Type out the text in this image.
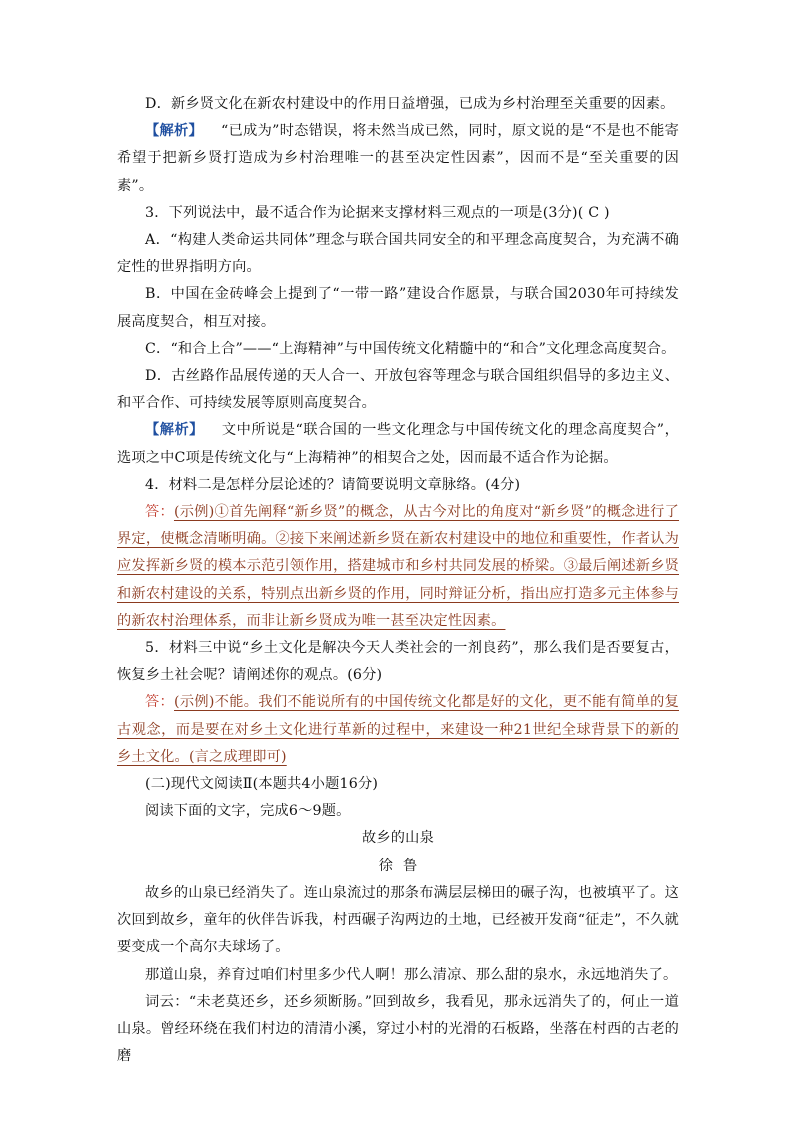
D．新乡贤文化在新农村建设中的作用日益增强，已成为乡村治理至关重要的因素。

【解析】 “已成为”时态错误，将未然当成已然，同时，原文说的是“不是也不能寄希望于把新乡贤打造成为乡村治理唯一的甚至决定性因素”，因而不是“至关重要的因素”。

3．下列说法中，最不适合作为论据来支撑材料三观点的一项是(3分)( C )

A．“构建人类命运共同体”理念与联合国共同安全的和平理念高度契合，为充满不确定性的世界指明方向。

B．中国在金砖峰会上提到了“一带一路”建设合作愿景，与联合国2030年可持续发展高度契合，相互对接。

C．“和合上合”——“上海精神”与中国传统文化精髓中的“和合”文化理念高度契合。

D．古丝路作品展传递的天人合一、开放包容等理念与联合国组织倡导的多边主义、和平合作、可持续发展等原则高度契合。

【解析】 文中所说是“联合国的一些文化理念与中国传统文化的理念高度契合”，选项之中C项是传统文化与“上海精神”的相契合之处，因而最不适合作为论据。

4．材料二是怎样分层论述的？请简要说明文章脉络。(4分)

答：(示例)①首先阐释“新乡贤”的概念，从古今对比的角度对“新乡贤”的概念进行了界定，使概念清晰明确。②接下来阐述新乡贤在新农村建设中的地位和重要性，作者认为应发挥新乡贤的模本示范引领作用，搭建城市和乡村共同发展的桥梁。③最后阐述新乡贤和新农村建设的关系，特别点出新乡贤的作用，同时辩证分析，指出应打造多元主体参与的新农村治理体系，而非让新乡贤成为唯一甚至决定性因素。

5．材料三中说“乡土文化是解决今天人类社会的一剂良药”，那么我们是否要复古，恢复乡土社会呢？请阐述你的观点。(6分)

答：(示例)不能。我们不能说所有的中国传统文化都是好的文化，更不能有简单的复古观念，而是要在对乡土文化进行革新的过程中，来建设一种21世纪全球背景下的新的乡土文化。(言之成理即可)

(二)现代文阅读Ⅱ(本题共4小题16分)

阅读下面的文字，完成6～9题。

故乡的山泉

徐鲁

故乡的山泉已经消失了。连山泉流过的那条布满层层梯田的碾子沟，也被填平了。这次回到故乡，童年的伙伴告诉我，村西碾子沟两边的土地，已经被开发商“征走”，不久就要变成一个高尔夫球场了。

那道山泉，养育过咱们村里多少代人啊！那么清凉、那么甜的泉水，永远地消失了。

词云：“未老莫还乡，还乡须断肠。”回到故乡，我看见，那永远消失了的，何止一道山泉。曾经环绕在我们村边的清清小溪，穿过小村的光滑的石板路，坐落在村西的古老的磨
